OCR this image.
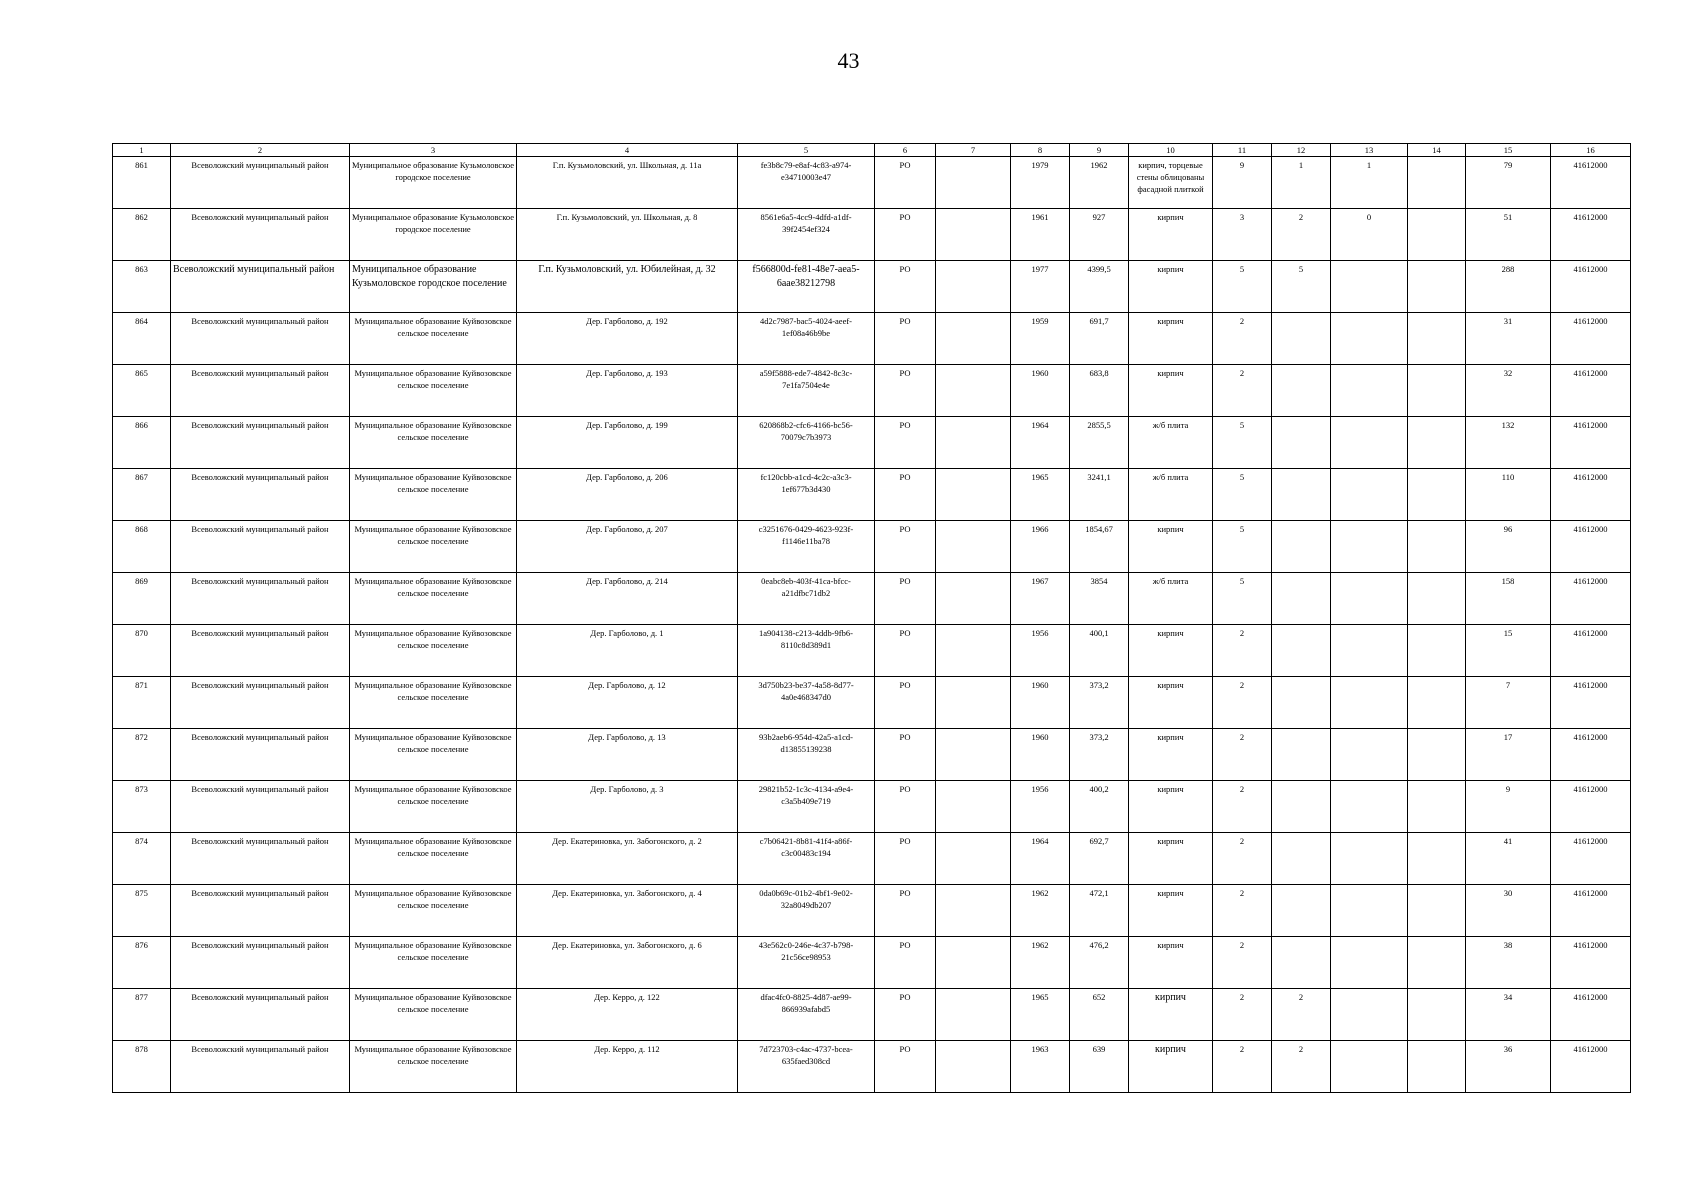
43
1	2	3	4	5	6	7	8	9	10	11	12	13	14	15	16
861	Всеволожский муниципальный район	Муниципальное образование Кузьмоловское городское поселение	Г.п. Кузьмоловский, ул. Школьная, д. 11а	fe3b8c79-e8af-4c83-a974-e34710003e47	РО		1979	1962	кирпич, торцевые стены облицованы фасадной плиткой	9	1	1		79	41612000
862	Всеволожский муниципальный район	Муниципальное образование Кузьмоловское городское поселение	Г.п. Кузьмоловский, ул. Школьная, д. 8	8561e6a5-4cc9-4dfd-a1df-39f2454ef324	РО		1961	927	кирпич	3	2	0		51	41612000
863	Всеволожский муниципальный район	Муниципальное образование Кузьмоловское городское поселение	Г.п. Кузьмоловский, ул. Юбилейная, д. 32	f566800d-fe81-48e7-aea5-6aae38212798	РО		1977	4399,5	кирпич	5	5			288	41612000
864	Всеволожский муниципальный район	Муниципальное образование Куйвозовское сельское поселение	Дер. Гарболово, д. 192	4d2c7987-bac5-4024-aeef-1ef08a46b9be	РО		1959	691,7	кирпич	2				31	41612000
865	Всеволожский муниципальный район	Муниципальное образование Куйвозовское сельское поселение	Дер. Гарболово, д. 193	a59f5888-ede7-4842-8c3c-7e1fa7504e4e	РО		1960	683,8	кирпич	2				32	41612000
866	Всеволожский муниципальный район	Муниципальное образование Куйвозовское сельское поселение	Дер. Гарболово, д. 199	620868b2-cfc6-4166-bc56-70079c7b3973	РО		1964	2855,5	ж/б плита	5				132	41612000
867	Всеволожский муниципальный район	Муниципальное образование Куйвозовское сельское поселение	Дер. Гарболово, д. 206	fc120cbb-a1cd-4c2c-a3c3-1ef677b3d430	РО		1965	3241,1	ж/б плита	5				110	41612000
868	Всеволожский муниципальный район	Муниципальное образование Куйвозовское сельское поселение	Дер. Гарболово, д. 207	c3251676-0429-4623-923f-f1146e11ba78	РО		1966	1854,67	кирпич	5				96	41612000
869	Всеволожский муниципальный район	Муниципальное образование Куйвозовское сельское поселение	Дер. Гарболово, д. 214	0eabc8eb-403f-41ca-bfcc-a21dfbc71db2	РО		1967	3854	ж/б плита	5				158	41612000
870	Всеволожский муниципальный район	Муниципальное образование Куйвозовское сельское поселение	Дер. Гарболово, д. 1	1a904138-c213-4ddb-9fb6-8110c8d389d1	РО		1956	400,1	кирпич	2				15	41612000
871	Всеволожский муниципальный район	Муниципальное образование Куйвозовское сельское поселение	Дер. Гарболово, д. 12	3d750b23-be37-4a58-8d77-4a0e468347d0	РО		1960	373,2	кирпич	2				7	41612000
872	Всеволожский муниципальный район	Муниципальное образование Куйвозовское сельское поселение	Дер. Гарболово, д. 13	93b2aeb6-954d-42a5-a1cd-d13855139238	РО		1960	373,2	кирпич	2				17	41612000
873	Всеволожский муниципальный район	Муниципальное образование Куйвозовское сельское поселение	Дер. Гарболово, д. 3	29821b52-1c3c-4134-a9e4-c3a5b409e719	РО		1956	400,2	кирпич	2				9	41612000
874	Всеволожский муниципальный район	Муниципальное образование Куйвозовское сельское поселение	Дер. Екатериновка, ул. Забогонского, д. 2	c7b06421-8b81-41f4-a86f-c3c00483c194	РО		1964	692,7	кирпич	2				41	41612000
875	Всеволожский муниципальный район	Муниципальное образование Куйвозовское сельское поселение	Дер. Екатериновка, ул. Забогонского, д. 4	0da0b69c-01b2-4bf1-9e02-32a8049db207	РО		1962	472,1	кирпич	2				30	41612000
876	Всеволожский муниципальный район	Муниципальное образование Куйвозовское сельское поселение	Дер. Екатериновка, ул. Забогонского, д. 6	43e562c0-246e-4c37-b798-21c56ce98953	РО		1962	476,2	кирпич	2				38	41612000
877	Всеволожский муниципальный район	Муниципальное образование Куйвозовское сельское поселение	Дер. Керро, д. 122	dfac4fc0-8825-4d87-ae99-866939afabd5	РО		1965	652	кирпич	2	2			34	41612000
878	Всеволожский муниципальный район	Муниципальное образование Куйвозовское сельское поселение	Дер. Керро, д. 112	7d723703-c4ac-4737-bcea-635faed308cd	РО		1963	639	кирпич	2	2			36	41612000
